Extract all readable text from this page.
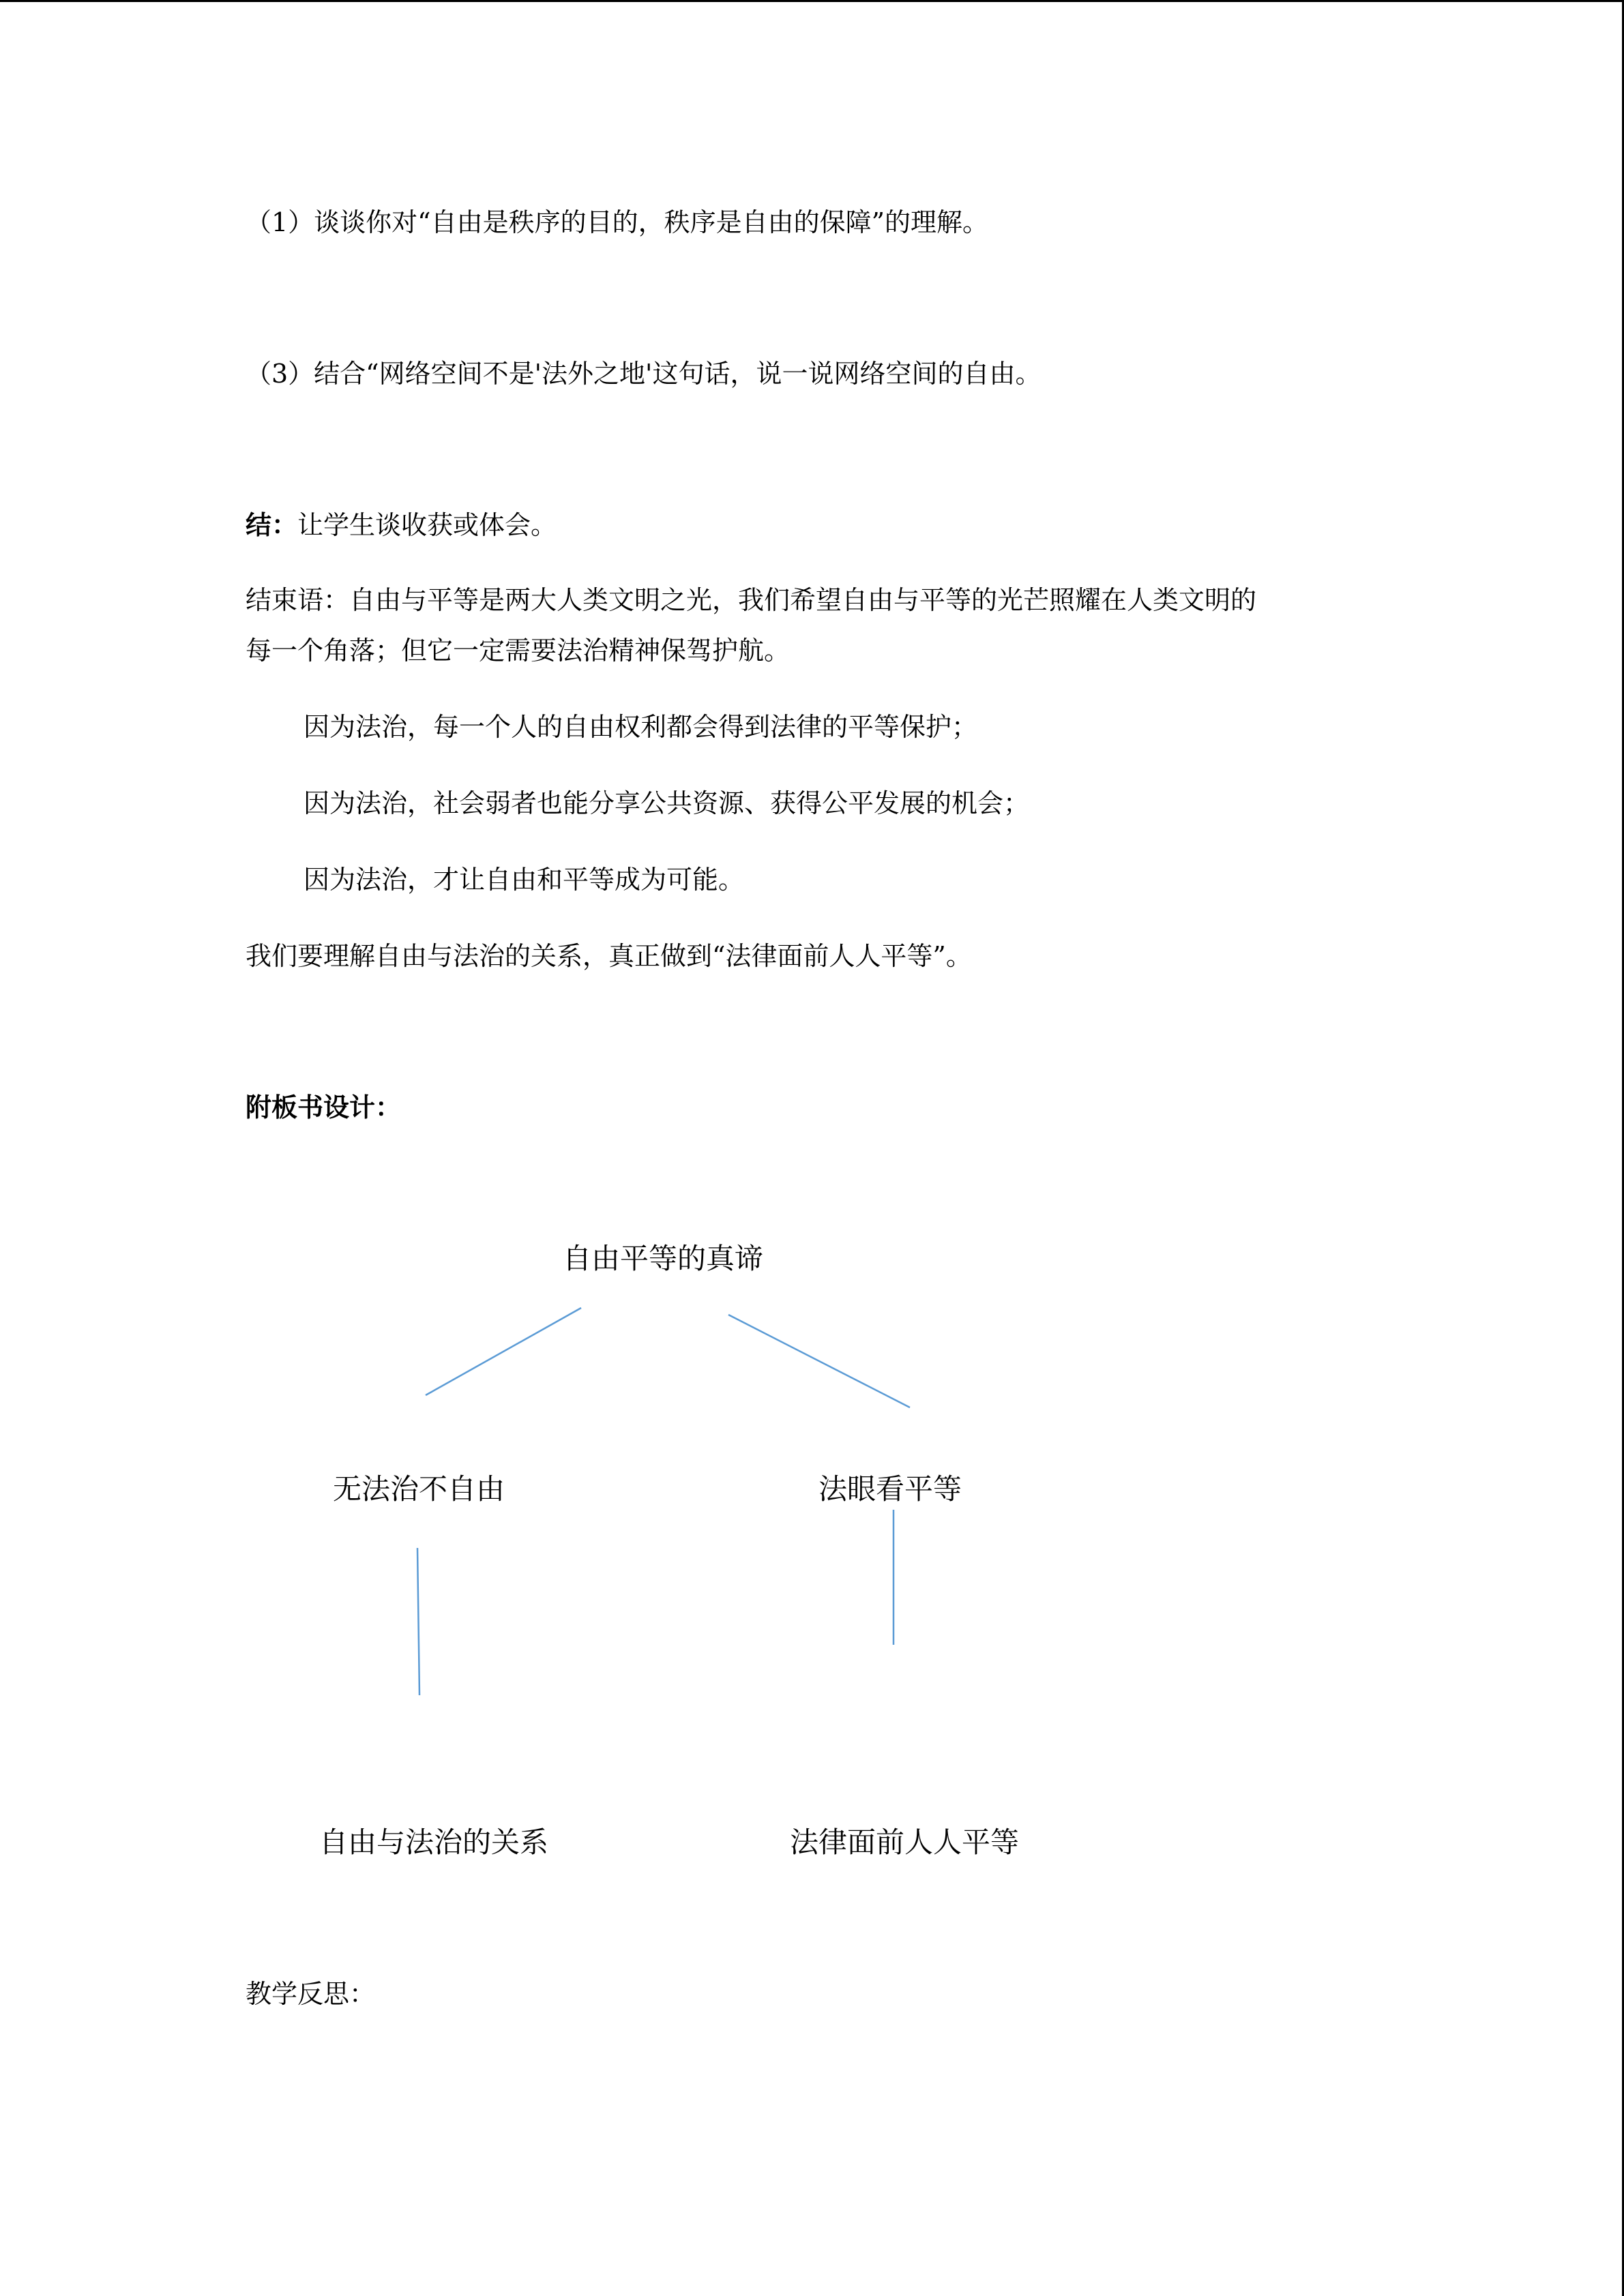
（1）谈谈你对“自由是秩序的目的，秩序是自由的保障”的理解。
（3）结合“网络空间不是'法外之地'这句话，说一说网络空间的自由。
结：让学生谈收获或体会。
结束语：自由与平等是两大人类文明之光，我们希望自由与平等的光芒照耀在人类文明的
每一个角落；但它一定需要法治精神保驾护航。
因为法治，每一个人的自由权利都会得到法律的平等保护；
因为法治，社会弱者也能分享公共资源、获得公平发展的机会；
因为法治，才让自由和平等成为可能。
我们要理解自由与法治的关系，真正做到“法律面前人人平等”。
附板书设计：
自由平等的真谛
无法治不自由	法眼看平等
自由与法治的关系	法律面前人人平等
教学反思：
